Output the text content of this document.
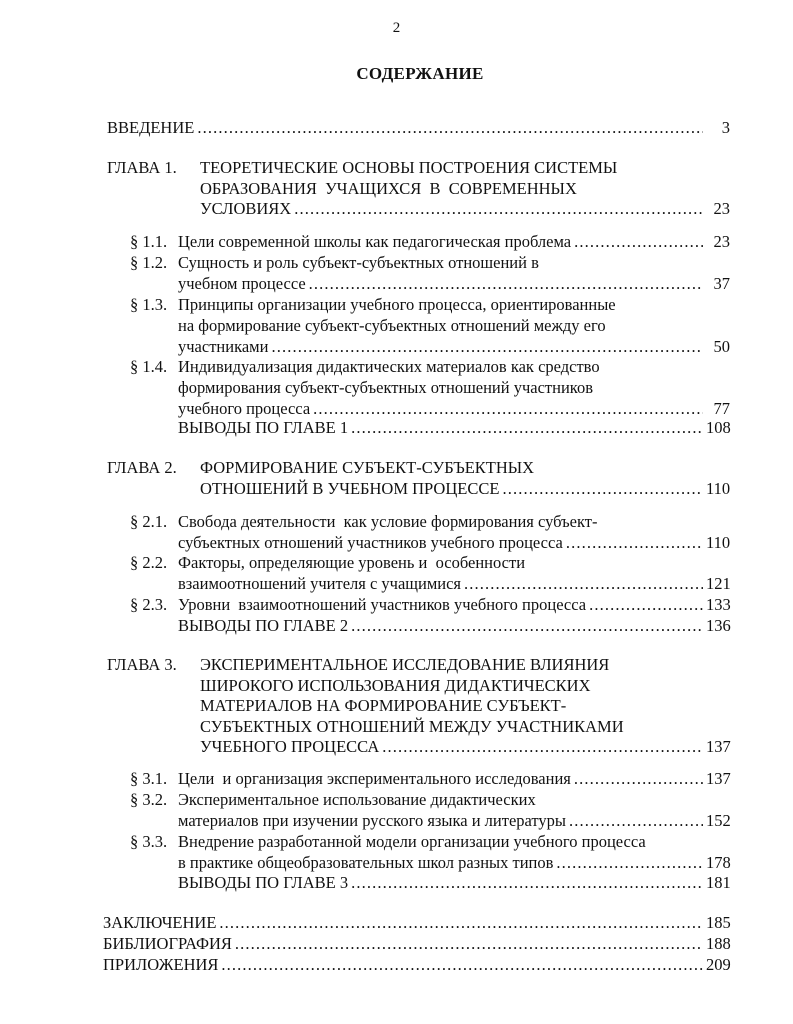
2
СОДЕРЖАНИЕ
ВВЕДЕНИЕ . . .	3
ГЛАВА 1. ТЕОРЕТИЧЕСКИЕ ОСНОВЫ ПОСТРОЕНИЯ СИСТЕМЫ
ОБРАЗОВАНИЯ  УЧАЩИХСЯ  В  СОВРЕМЕННЫХ
УСЛОВИЯХ . . .	23
§ 1.1. Цели современной школы как педагогическая проблема . . .	23
§ 1.2. Сущность и роль субъект-субъектных отношений в
учебном процессе . . .	37
§ 1.3. Принципы организации учебного процесса, ориентированные
на формирование субъект-субъектных отношений между его
участниками . . .	50
§ 1.4. Индивидуализация дидактических материалов как средство
формирования субъект-субъектных отношений участников
учебного процесса . . .	77
ВЫВОДЫ ПО ГЛАВЕ 1 . . .	108
ГЛАВА 2. ФОРМИРОВАНИЕ СУБЪЕКТ-СУБЪЕКТНЫХ
ОТНОШЕНИЙ В УЧЕБНОМ ПРОЦЕССЕ . . .	110
§ 2.1. Свобода деятельности  как условие формирования субъект-
субъектных отношений участников учебного процесса . . .	110
§ 2.2. Факторы, определяющие уровень и  особенности
взаимоотношений учителя с учащимися . . .	121
§ 2.3. Уровни  взаимоотношений участников учебного процесса . . .	133
ВЫВОДЫ ПО ГЛАВЕ 2 . . .	136
ГЛАВА 3. ЭКСПЕРИМЕНТАЛЬНОЕ ИССЛЕДОВАНИЕ ВЛИЯНИЯ
ШИРОКОГО ИСПОЛЬЗОВАНИЯ ДИДАКТИЧЕСКИХ
МАТЕРИАЛОВ НА ФОРМИРОВАНИЕ СУБЪЕКТ-
СУБЪЕКТНЫХ ОТНОШЕНИЙ МЕЖДУ УЧАСТНИКАМИ
УЧЕБНОГО ПРОЦЕССА . . .	137
§ 3.1. Цели  и организация экспериментального исследования . . .	137
§ 3.2. Экспериментальное использование дидактических
материалов при изучении русского языка и литературы . . .	152
§ 3.3. Внедрение разработанной модели организации учебного процесса
в практике общеобразовательных школ разных типов . . .	178
ВЫВОДЫ ПО ГЛАВЕ 3 . . .	181
ЗАКЛЮЧЕНИЕ . . .	185
БИБЛИОГРАФИЯ . . .	188
ПРИЛОЖЕНИЯ . . .	209
